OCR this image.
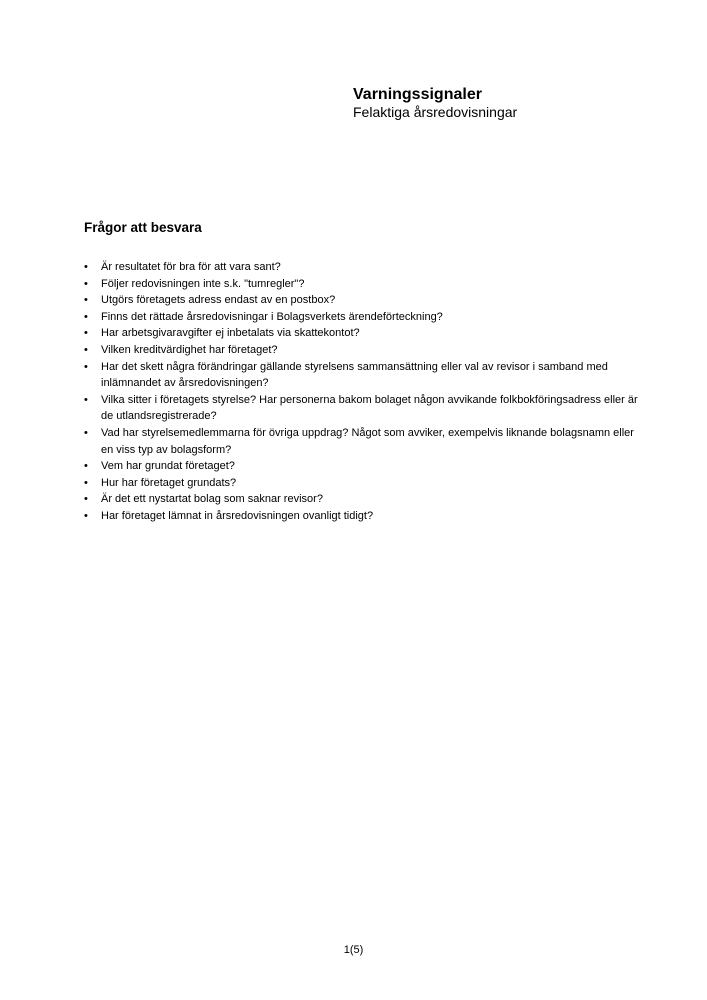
Varningssignaler

Felaktiga årsredovisningar

Frågor att besvara

• Är resultatet för bra för att vara sant?
• Följer redovisningen inte s.k. "tumregler"?
• Utgörs företagets adress endast av en postbox?
• Finns det rättade årsredovisningar i Bolagsverkets ärendeförteckning?
• Har arbetsgivaravgifter ej inbetalats via skattekontot?
• Vilken kreditvärdighet har företaget?
• Har det skett några förändringar gällande styrelsens sammansättning eller val av revisor i samband med inlämnandet av årsredovisningen?
• Vilka sitter i företagets styrelse? Har personerna bakom bolaget någon avvikande folkbokföringsadress eller är de utlandsregistrerade?
• Vad har styrelsemedlemmarna för övriga uppdrag? Något som avviker, exempelvis liknande bolagsnamn eller en viss typ av bolagsform?
• Vem har grundat företaget?
• Hur har företaget grundats?
• Är det ett nystartat bolag som saknar revisor?
• Har företaget lämnat in årsredovisningen ovanligt tidigt?
1(5)
